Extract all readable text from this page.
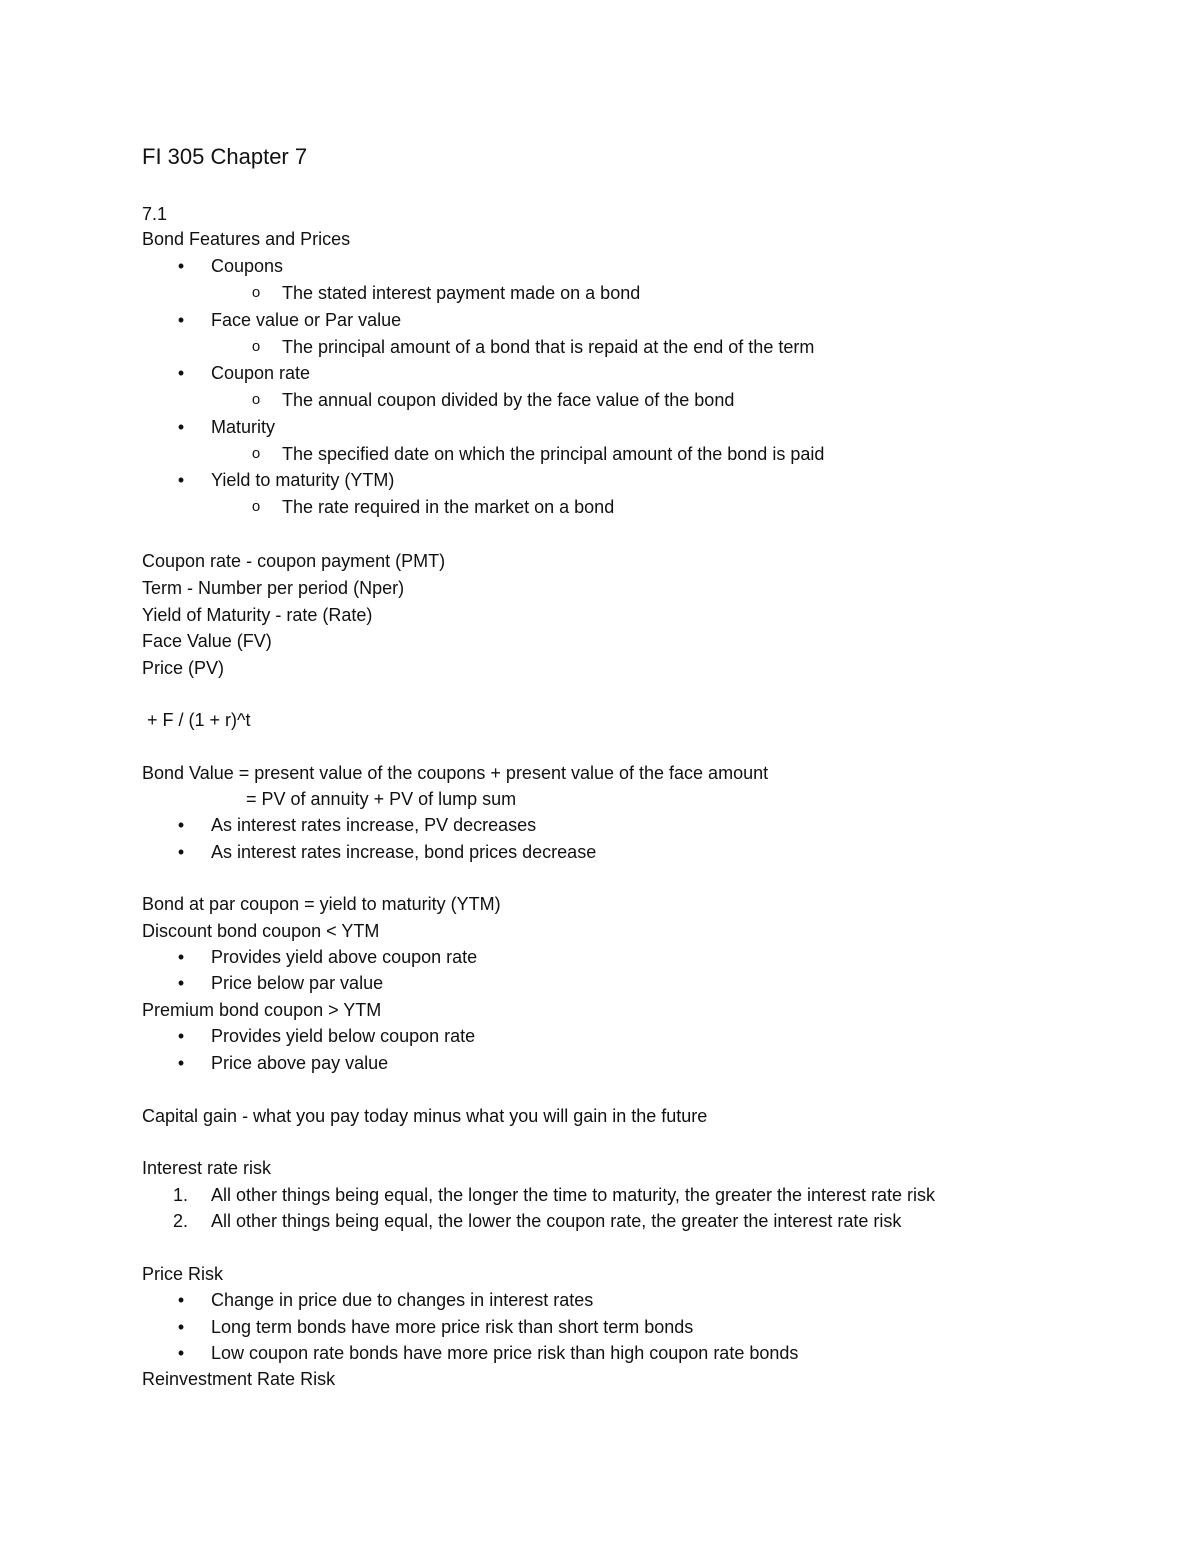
FI 305 Chapter 7
7.1
Bond Features and Prices
• Coupons
o The stated interest payment made on a bond
• Face value or Par value
o The principal amount of a bond that is repaid at the end of the term
• Coupon rate
o The annual coupon divided by the face value of the bond
• Maturity
o The specified date on which the principal amount of the bond is paid
• Yield to maturity (YTM)
o The rate required in the market on a bond
Coupon rate - coupon payment (PMT)
Term - Number per period (Nper)
Yield of Maturity - rate (Rate)
Face Value (FV)
Price (PV)
+ F / (1 + r)^t
Bond Value = present value of the coupons + present value of the face amount
= PV of annuity + PV of lump sum
• As interest rates increase, PV decreases
• As interest rates increase, bond prices decrease
Bond at par coupon = yield to maturity (YTM)
Discount bond coupon < YTM
• Provides yield above coupon rate
• Price below par value
Premium bond coupon > YTM
• Provides yield below coupon rate
• Price above pay value
Capital gain - what you pay today minus what you will gain in the future
Interest rate risk
1. All other things being equal, the longer the time to maturity, the greater the interest rate risk
2. All other things being equal, the lower the coupon rate, the greater the interest rate risk
Price Risk
• Change in price due to changes in interest rates
• Long term bonds have more price risk than short term bonds
• Low coupon rate bonds have more price risk than high coupon rate bonds
Reinvestment Rate Risk
